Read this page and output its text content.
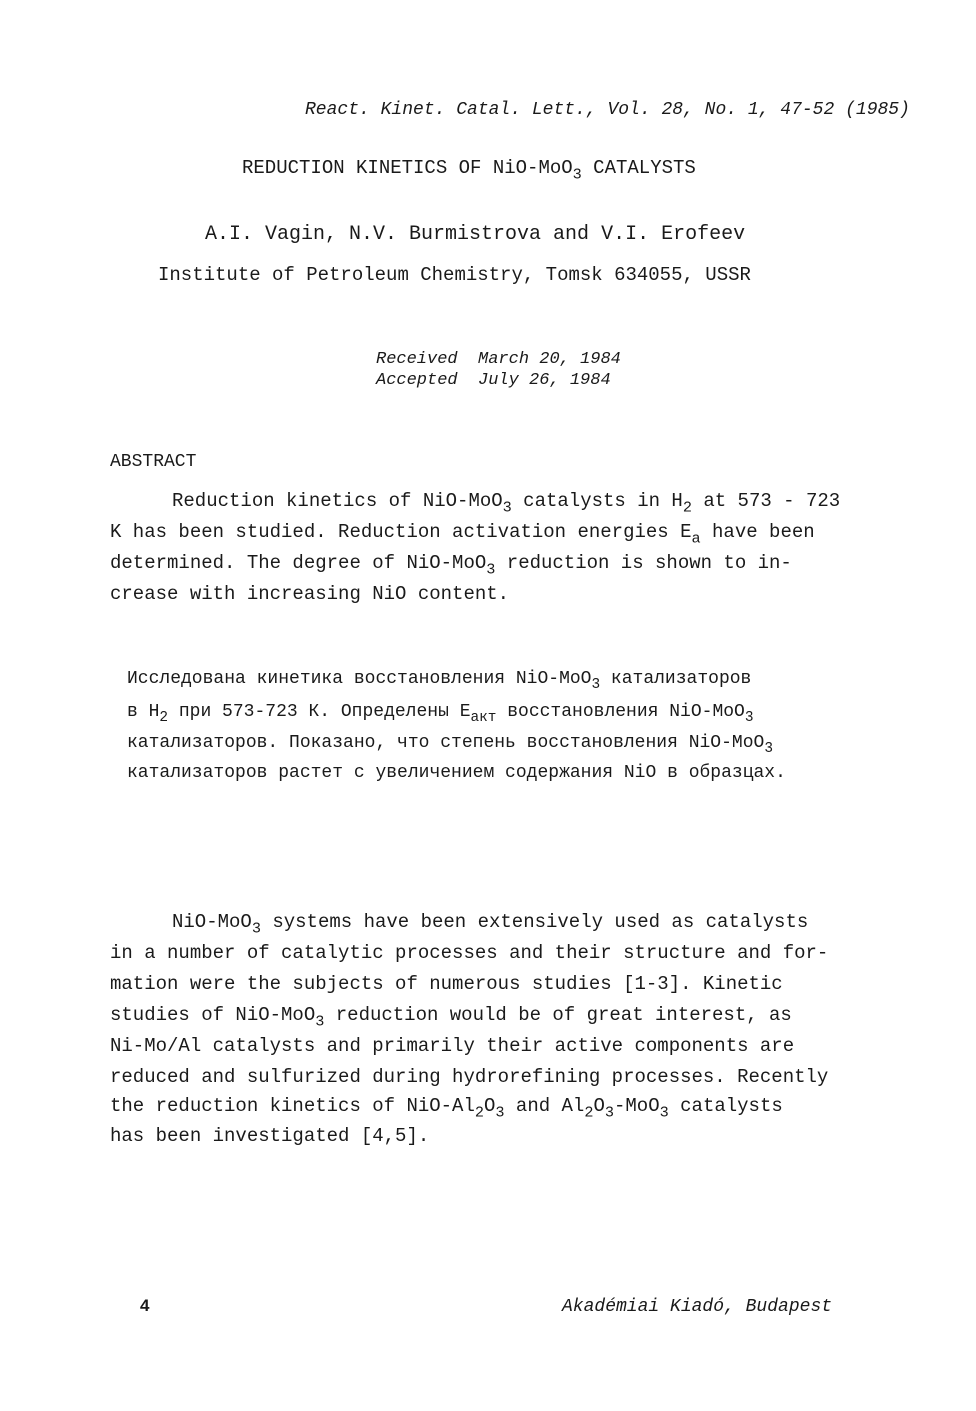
React. Kinet. Catal. Lett., Vol. 28, No. 1, 47-52 (1985)
REDUCTION KINETICS OF NiO-MoO$_3$ CATALYSTS
A.I. Vagin, N.V. Burmistrova and V.I. Erofeev
Institute of Petroleum Chemistry, Tomsk 634055, USSR
Received March 20, 1984
Accepted July 26, 1984
ABSTRACT
Reduction kinetics of NiO-MoO$_3$ catalysts in $H_2$ at 573 - 723
K has been studied. Reduction activation energies $E_a$ have been
determined. The degree of NiO-MoO$_3$ reduction is shown to in-
crease with increasing NiO content.
Исследована кинетика восстановления NiO-MoO$_3$ катализаторов
в $H_2$ при 573-723 К. Определены $E_{акт}$ восстановления NiO-MoO$_3$
катализаторов. Показано, что степень восстановления NiO-MoO$_3$
катализаторов растет с увеличением содержания NiO в образцах.
NiO-MoO$_3$ systems have been extensively used as catalysts
in a number of catalytic processes and their structure and for-
mation were the subjects of numerous studies [1-3]. Kinetic
studies of NiO-MoO$_3$ reduction would be of great interest, as
Ni-Mo/Al catalysts and primarily their active components are
reduced and sulfurized during hydrorefining processes. Recently
the reduction kinetics of NiO-$Al_2O_3$ and $Al_2O_3-MoO_3$ catalysts
has been investigated [4,5].
4	Akadémiai Kiadó, Budapest
